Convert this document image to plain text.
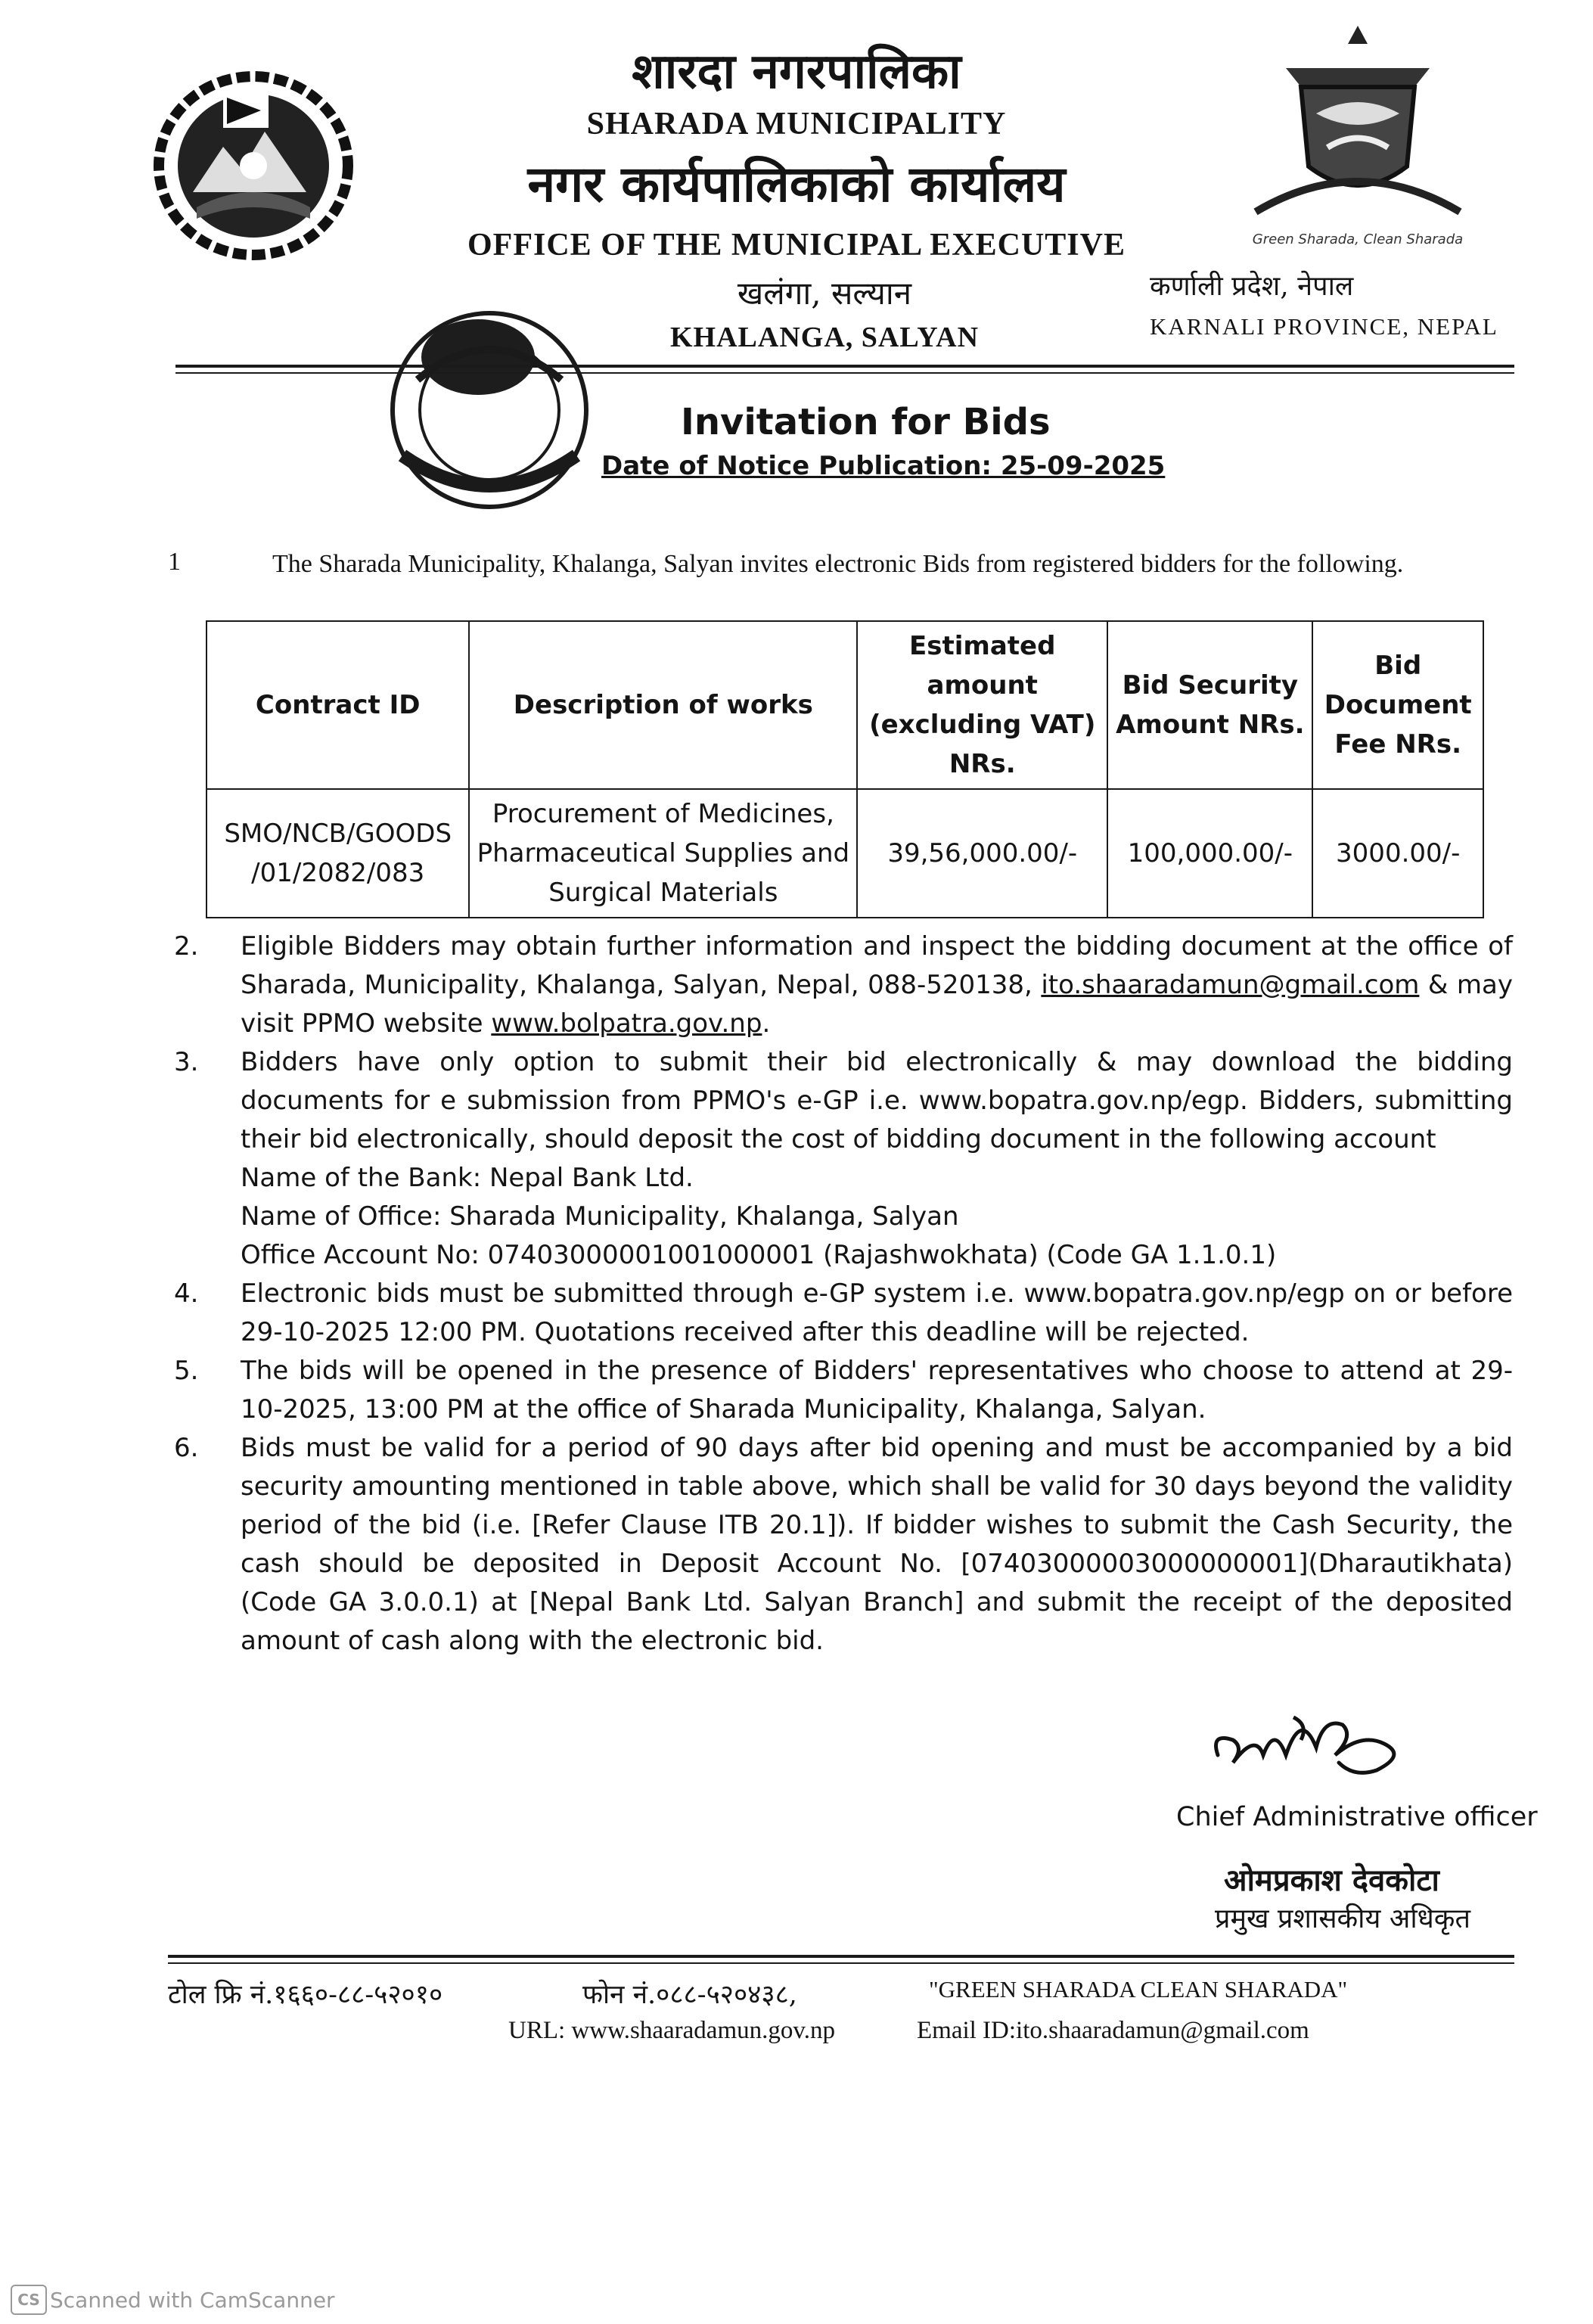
Green Sharada, Clean Sharada
शारदा नगरपालिका
SHARADA MUNICIPALITY
नगर कार्यपालिकाको कार्यालय
OFFICE OF THE MUNICIPAL EXECUTIVE
खलंगा, सल्यान
KHALANGA, SALYAN
कर्णाली प्रदेश, नेपाल
KARNALI PROVINCE, NEPAL
Invitation for Bids
Date of Notice Publication: 25-09-2025
1	The Sharada Municipality, Khalanga, Salyan invites electronic Bids from registered bidders for the following.
Contract ID	Description of works	Estimated amount (excluding VAT) NRs.	Bid Security Amount NRs.	Bid Document Fee NRs.
SMO/NCB/GOODS /01/2082/083	Procurement of Medicines, Pharmaceutical Supplies and Surgical Materials	39,56,000.00/-	100,000.00/-	3000.00/-
2.	Eligible Bidders may obtain further information and inspect the bidding document at the office of Sharada, Municipality, Khalanga, Salyan, Nepal, 088-520138, ito.shaaradamun@gmail.com & may visit PPMO website www.bolpatra.gov.np.
3.	Bidders have only option to submit their bid electronically & may download the bidding documents for e submission from PPMO's e-GP i.e. www.bopatra.gov.np/egp. Bidders, submitting their bid electronically, should deposit the cost of bidding document in the following account
Name of the Bank: Nepal Bank Ltd.
Name of Office: Sharada Municipality, Khalanga, Salyan
Office Account No: 07403000001001000001 (Rajashwokhata) (Code GA 1.1.0.1)
4.	Electronic bids must be submitted through e-GP system i.e. www.bopatra.gov.np/egp on or before 29-10-2025 12:00 PM. Quotations received after this deadline will be rejected.
5.	The bids will be opened in the presence of Bidders' representatives who choose to attend at 29-10-2025, 13:00 PM at the office of Sharada Municipality, Khalanga, Salyan.
6.	Bids must be valid for a period of 90 days after bid opening and must be accompanied by a bid security amounting mentioned in table above, which shall be valid for 30 days beyond the validity period of the bid (i.e. [Refer Clause ITB 20.1]). If bidder wishes to submit the Cash Security, the cash should be deposited in Deposit Account No. [07403000003000000001](Dharautikhata) (Code GA 3.0.0.1) at [Nepal Bank Ltd. Salyan Branch] and submit the receipt of the deposited amount of cash along with the electronic bid.
Chief Administrative officer
ओमप्रकाश देवकोटा
प्रमुख प्रशासकीय अधिकृत
टोल फ्रि नं.१६६०-८८-५२०१०	फोन नं.०८८-५२०४३८,	"GREEN SHARADA CLEAN SHARADA"
URL: www.shaaradamun.gov.np	Email ID:ito.shaaradamun@gmail.com
CS Scanned with CamScanner
